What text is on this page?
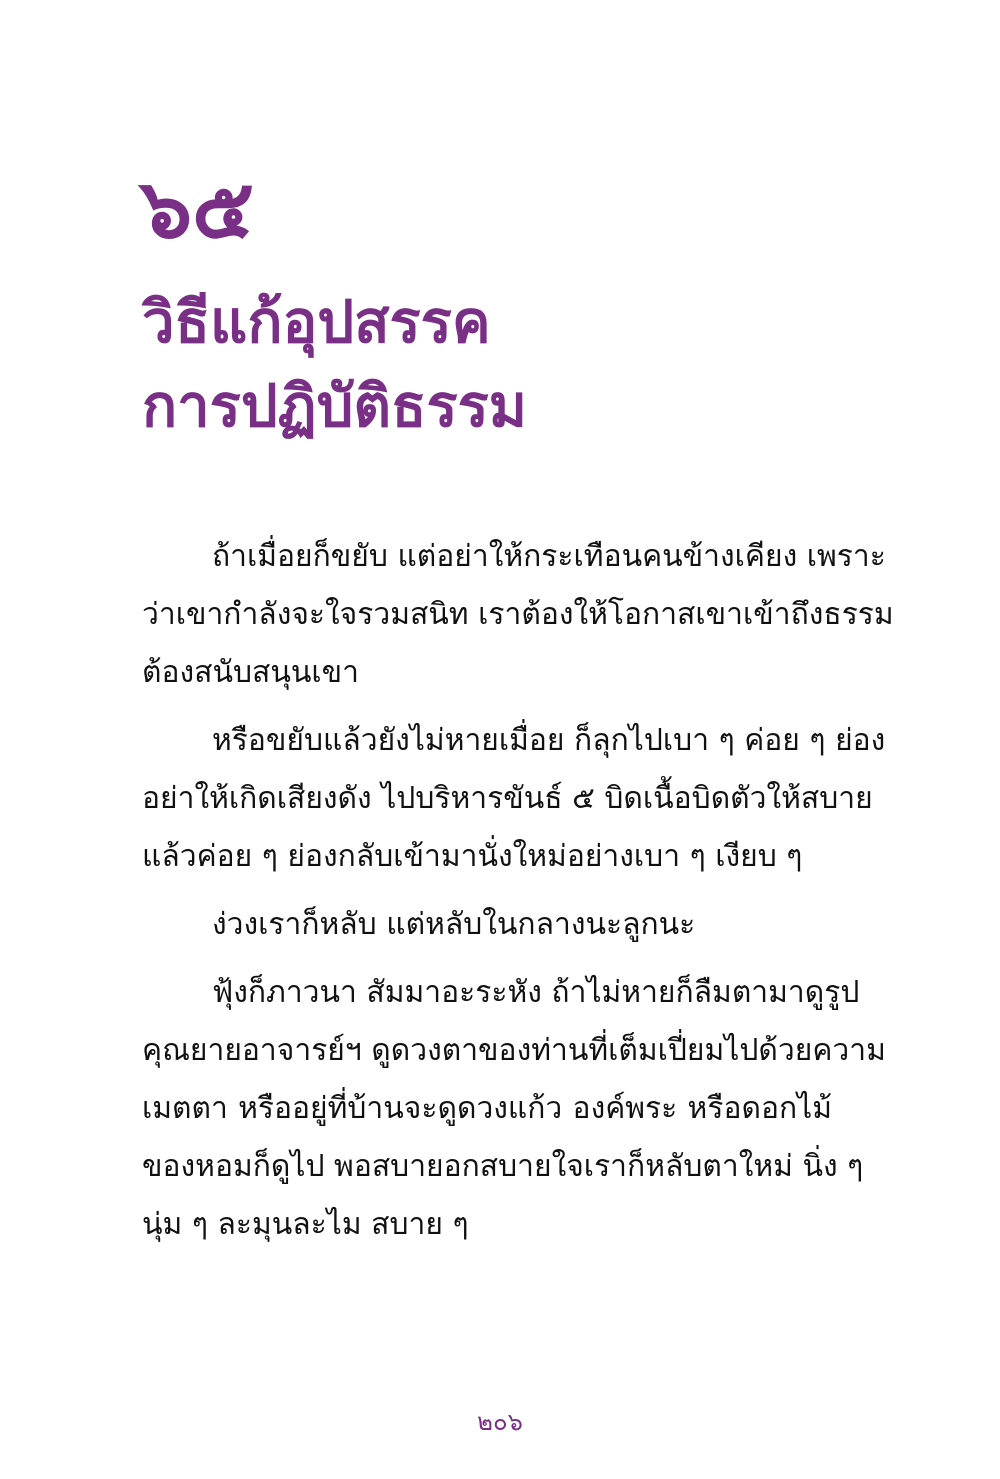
๖๕
วิธีแก้อุปสรรค
การปฏิบัติธรรม
ถ้าเมื่อยก็ขยับ แต่อย่าให้กระเทือนคนข้างเคียง เพราะ
ว่าเขากำลังจะใจรวมสนิท เราต้องให้โอกาสเขาเข้าถึงธรรม
ต้องสนับสนุนเขา
หรือขยับแล้วยังไม่หายเมื่อย ก็ลุกไปเบา ๆ ค่อย ๆ ย่อง
อย่าให้เกิดเสียงดัง ไปบริหารขันธ์ ๕ บิดเนื้อบิดตัวให้สบาย
แล้วค่อย ๆ ย่องกลับเข้ามานั่งใหม่อย่างเบา ๆ เงียบ ๆ
ง่วงเราก็หลับ แต่หลับในกลางนะลูกนะ
ฟุ้งก็ภาวนา สัมมาอะระหัง ถ้าไม่หายก็ลืมตามาดูรูป
คุณยายอาจารย์ฯ ดูดวงตาของท่านที่เต็มเปี่ยมไปด้วยความ
เมตตา หรืออยู่ที่บ้านจะดูดวงแก้ว องค์พระ หรือดอกไม้
ของหอมก็ดูไป พอสบายอกสบายใจเราก็หลับตาใหม่ นิ่ง ๆ
นุ่ม ๆ ละมุนละไม สบาย ๆ
๒๐๖
